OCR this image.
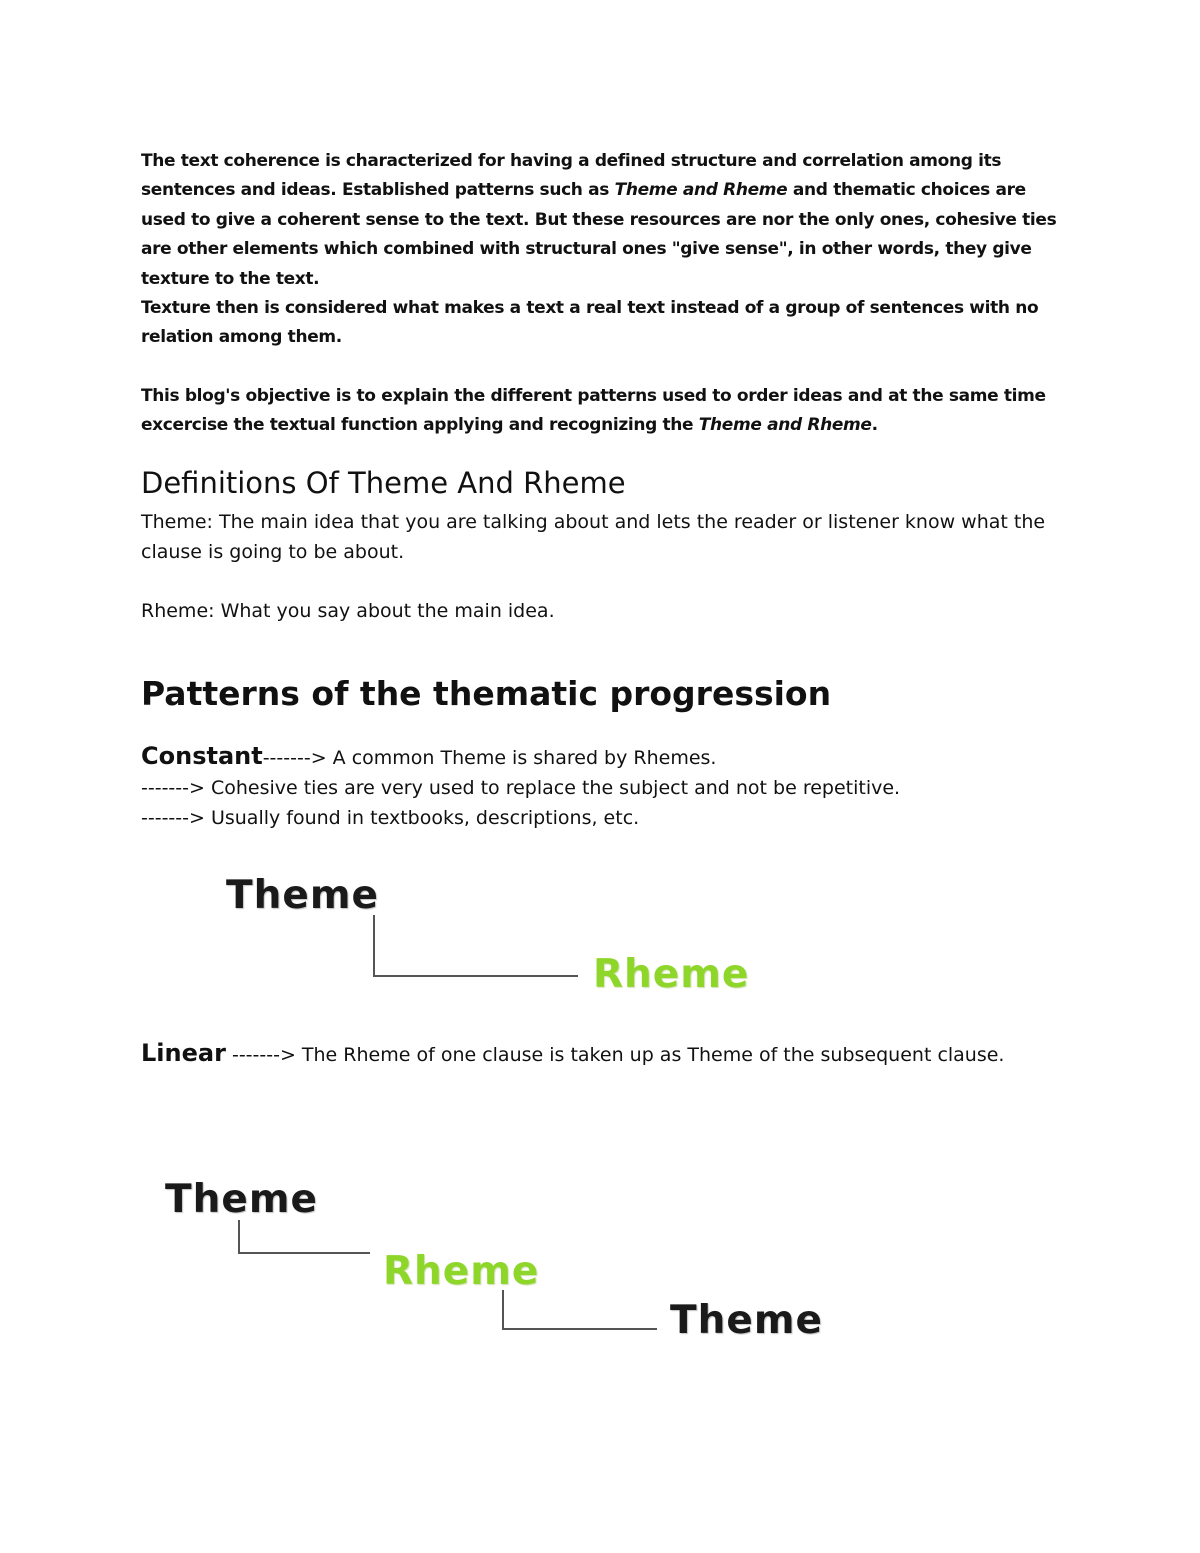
The text coherence is characterized for having a defined structure and correlation among its sentences and ideas. Established patterns such as Theme and Rheme and thematic choices are used to give a coherent sense to the text. But these resources are nor the only ones, cohesive ties are other elements which combined with structural ones "give sense", in other words, they give texture to the text.

Texture then is considered what makes a text a real text instead of a group of sentences with no relation among them.

This blog's objective is to explain the different patterns used to order ideas and at the same time excercise the textual function applying and recognizing the Theme and Rheme.

Definitions Of Theme And Rheme

Theme: The main idea that you are talking about and lets the reader or listener know what the clause is going to be about.

Rheme: What you say about the main idea.

Patterns of the thematic progression

Constant-------> A common Theme is shared by Rhemes.

-------> Cohesive ties are very used to replace the subject and not be repetitive.

-------> Usually found in textbooks, descriptions, etc.

Theme
Rheme

Linear -------> The Rheme of one clause is taken up as Theme of the subsequent clause.

Theme
Rheme
Theme
